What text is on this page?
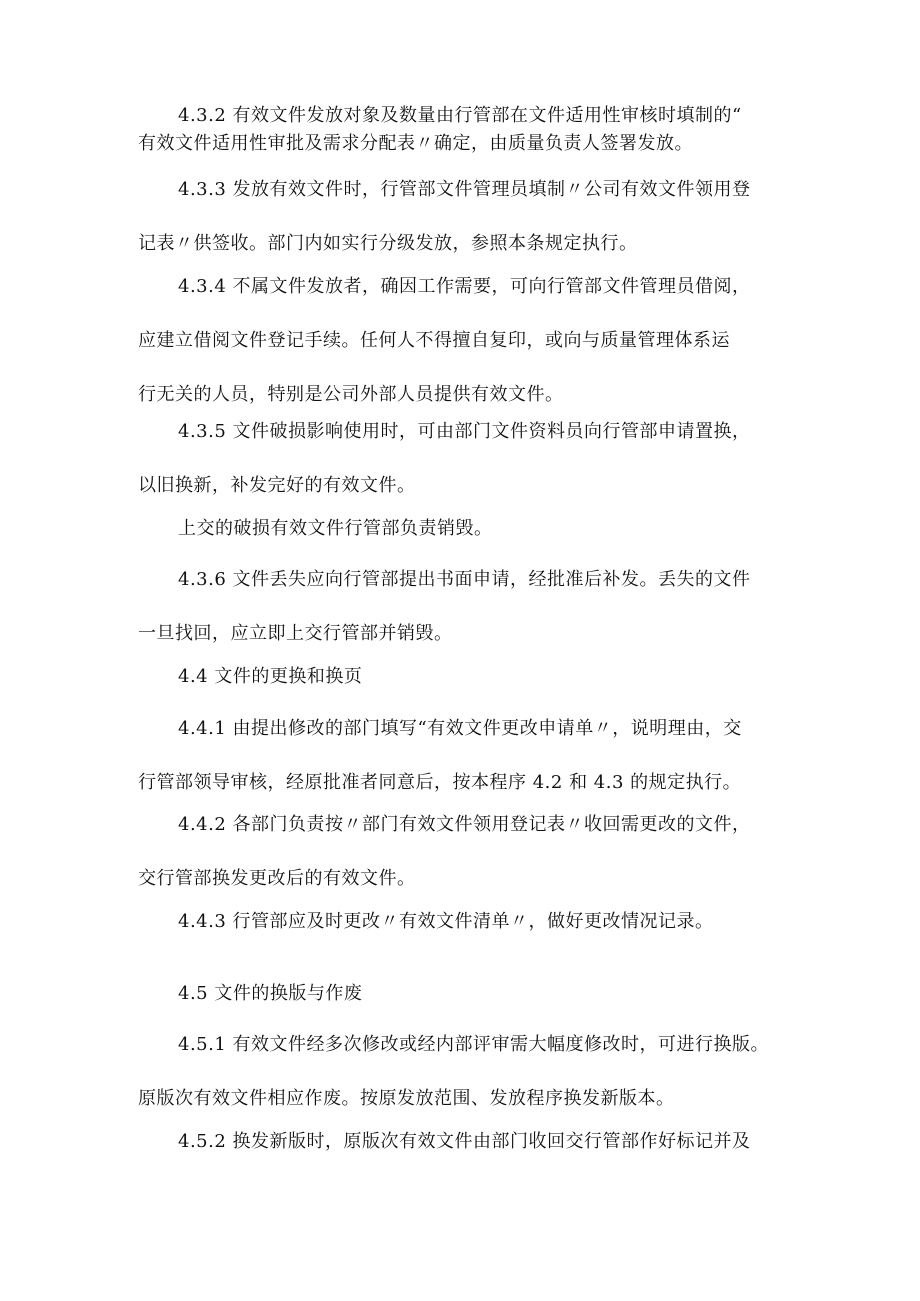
4.3.2 有效文件发放对象及数量由行管部在文件适用性审核时填制的“

有效文件适用性审批及需求分配表〃确定，由质量负责人签署发放。

4.3.3 发放有效文件时，行管部文件管理员填制〃公司有效文件领用登

记表〃供签收。部门内如实行分级发放，参照本条规定执行。

4.3.4 不属文件发放者，确因工作需要，可向行管部文件管理员借阅，

应建立借阅文件登记手续。任何人不得擅自复印，或向与质量管理体系运

行无关的人员，特别是公司外部人员提供有效文件。

4.3.5 文件破损影响使用时，可由部门文件资料员向行管部申请置换，

以旧换新，补发完好的有效文件。

上交的破损有效文件行管部负责销毁。

4.3.6 文件丢失应向行管部提出书面申请，经批准后补发。丢失的文件

一旦找回，应立即上交行管部并销毁。

4.4 文件的更换和换页

4.4.1 由提出修改的部门填写“有效文件更改申请单〃，说明理由，交

行管部领导审核，经原批准者同意后，按本程序 4.2 和 4.3 的规定执行。

4.4.2 各部门负责按〃部门有效文件领用登记表〃收回需更改的文件，

交行管部换发更改后的有效文件。

4.4.3 行管部应及时更改〃有效文件清单〃，做好更改情况记录。

4.5 文件的换版与作废

4.5.1 有效文件经多次修改或经内部评审需大幅度修改时，可进行换版。

原版次有效文件相应作废。按原发放范围、发放程序换发新版本。

4.5.2 换发新版时，原版次有效文件由部门收回交行管部作好标记并及
